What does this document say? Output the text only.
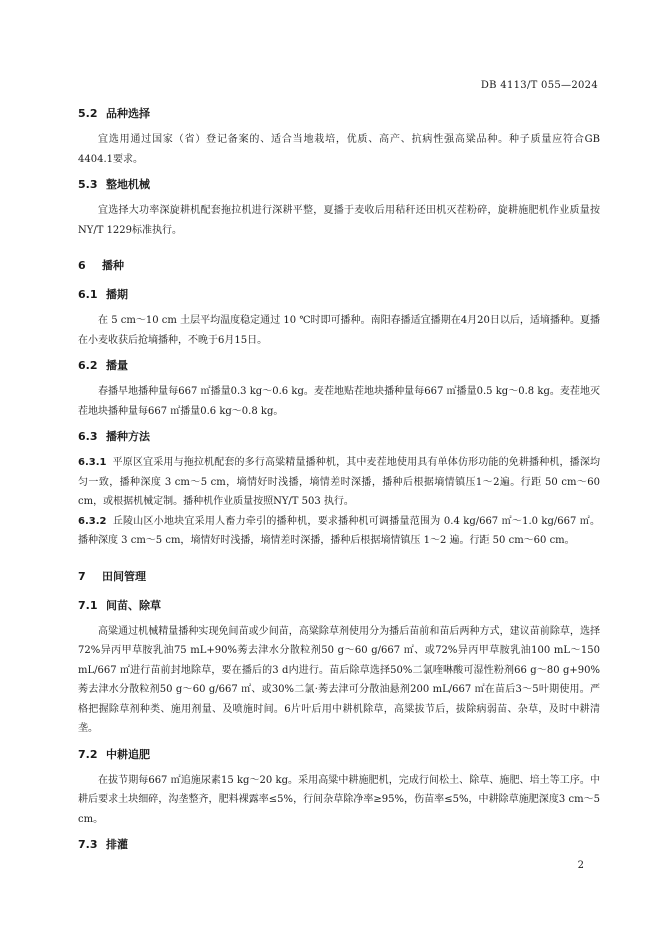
DB 4113/T 055—2024
5.2 品种选择

宜选用通过国家（省）登记备案的、适合当地栽培，优质、高产、抗病性强高粱品种。种子质量应符合GB 4404.1要求。

5.3 整地机械

宜选择大功率深旋耕机配套拖拉机进行深耕平整，夏播于麦收后用秸秆还田机灭茬粉碎，旋耕施肥机作业质量按NY/T 1229标准执行。

6 播种
6.1 播期

在 5 cm～10 cm 土层平均温度稳定通过 10 ℃时即可播种。南阳春播适宜播期在4月20日以后，适墒播种。夏播在小麦收获后抢墒播种，不晚于6月15日。

6.2 播量

春播早地播种量每667 ㎡播量0.3 kg～0.6 kg。麦茬地贴茬地块播种量每667 ㎡播量0.5 kg～0.8 kg。麦茬地灭茬地块播种量每667 ㎡播量0.6 kg～0.8 kg。

6.3 播种方法

6.3.1 平原区宜采用与拖拉机配套的多行高粱精量播种机，其中麦茬地使用具有单体仿形功能的免耕播种机，播深均匀一致，播种深度 3 cm～5 cm，墒情好时浅播，墒情差时深播，播种后根据墒情镇压1～2遍。行距 50 cm～60 cm，或根据机械定制。播种机作业质量按照NY/T 503 执行。

6.3.2 丘陵山区小地块宜采用人畜力牵引的播种机，要求播种机可调播量范围为 0.4 kg/667 ㎡～1.0 kg/667 ㎡。播种深度 3 cm～5 cm，墒情好时浅播，墒情差时深播，播种后根据墒情镇压 1～2 遍。行距 50 cm～60 cm。

7 田间管理
7.1 间苗、除草

高粱通过机械精量播种实现免间苗或少间苗，高粱除草剂使用分为播后苗前和苗后两种方式，建议苗前除草，选择72%异丙甲草胺乳油75 mL+90%莠去津水分散粒剂50 g～60 g/667 ㎡、或72%异丙甲草胺乳油100 mL～150 mL/667 ㎡进行苗前封地除草，要在播后的3 d内进行。苗后除草选择50%二氯喹啉酸可湿性粉剂66 g～80 g+90%莠去津水分散粒剂50 g～60 g/667 ㎡、或30%二氯·莠去津可分散油悬剂200 mL/667 ㎡在苗后3～5叶期使用。严格把握除草剂种类、施用剂量、及喷施时间。6片叶后用中耕机除草，高粱拔节后，拔除病弱苗、杂草，及时中耕清垄。

7.2 中耕追肥

在拔节期每667 ㎡追施尿素15 kg～20 kg。采用高粱中耕施肥机，完成行间松土、除草、施肥、培土等工序。中耕后要求土块细碎，沟垄整齐，肥料裸露率≤5%，行间杂草除净率≥95%，伤苗率≤5%，中耕除草施肥深度3 cm～5 cm。

7.3 排灌
2
